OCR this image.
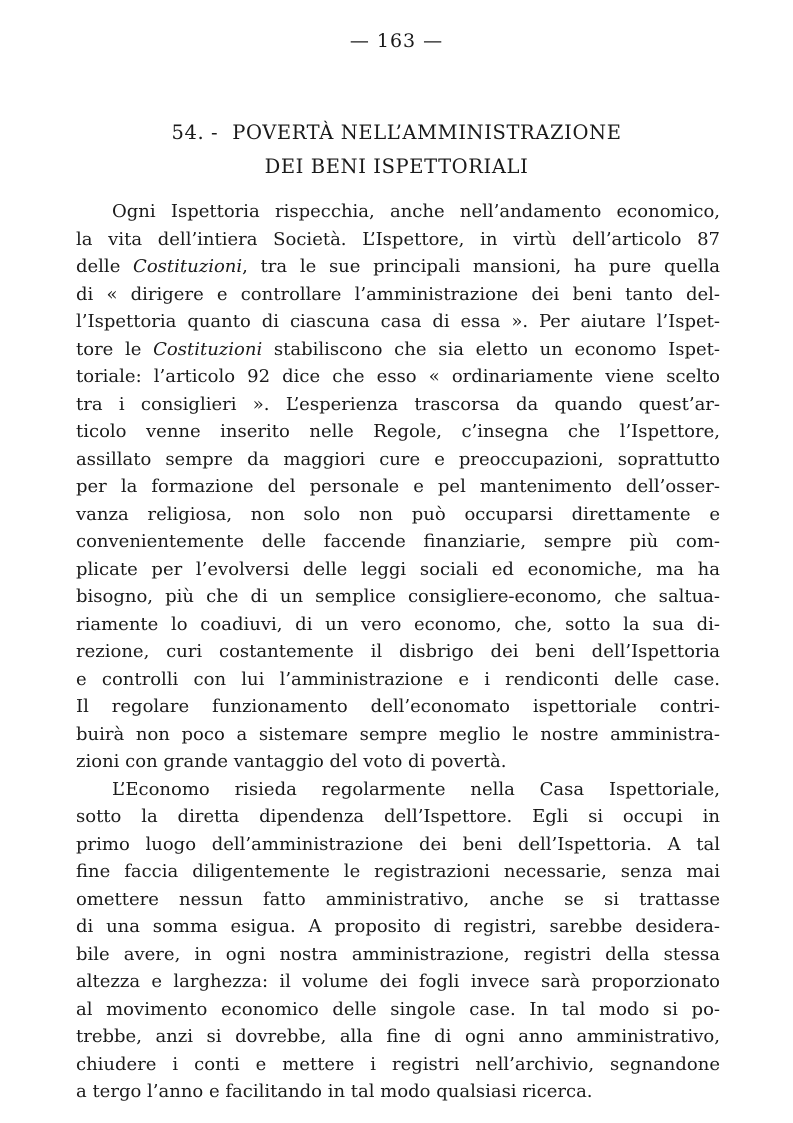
— 163 —
54. - POVERTÀ NELL’AMMINISTRAZIONE
DEI BENI ISPETTORIALI

Ogni Ispettoria rispecchia, anche nell’andamento economico,
la vita dell’intiera Società. L’Ispettore, in virtù dell’articolo 87
delle Costituzioni, tra le sue principali mansioni, ha pure quella
di « dirigere e controllare l’amministrazione dei beni tanto del-
l’Ispettoria quanto di ciascuna casa di essa ». Per aiutare l’Ispet-
tore le Costituzioni stabiliscono che sia eletto un economo Ispet-
toriale: l’articolo 92 dice che esso « ordinariamente viene scelto
tra i consiglieri ». L’esperienza trascorsa da quando quest’ar-
ticolo venne inserito nelle Regole, c’insegna che l’Ispettore,
assillato sempre da maggiori cure e preoccupazioni, soprattutto
per la formazione del personale e pel mantenimento dell’osser-
vanza religiosa, non solo non può occuparsi direttamente e
convenientemente delle faccende finanziarie, sempre più com-
plicate per l’evolversi delle leggi sociali ed economiche, ma ha
bisogno, più che di un semplice consigliere-economo, che saltua-
riamente lo coadiuvi, di un vero economo, che, sotto la sua di-
rezione, curi costantemente il disbrigo dei beni dell’Ispettoria
e controlli con lui l’amministrazione e i rendiconti delle case.
Il regolare funzionamento dell’economato ispettoriale contri-
buirà non poco a sistemare sempre meglio le nostre amministra-
zioni con grande vantaggio del voto di povertà.

L’Economo risieda regolarmente nella Casa Ispettoriale,
sotto la diretta dipendenza dell’Ispettore. Egli si occupi in
primo luogo dell’amministrazione dei beni dell’Ispettoria. A tal
fine faccia diligentemente le registrazioni necessarie, senza mai
omettere nessun fatto amministrativo, anche se si trattasse
di una somma esigua. A proposito di registri, sarebbe desidera-
bile avere, in ogni nostra amministrazione, registri della stessa
altezza e larghezza: il volume dei fogli invece sarà proporzionato
al movimento economico delle singole case. In tal modo si po-
trebbe, anzi si dovrebbe, alla fine di ogni anno amministrativo,
chiudere i conti e mettere i registri nell’archivio, segnandone
a tergo l’anno e facilitando in tal modo qualsiasi ricerca.
